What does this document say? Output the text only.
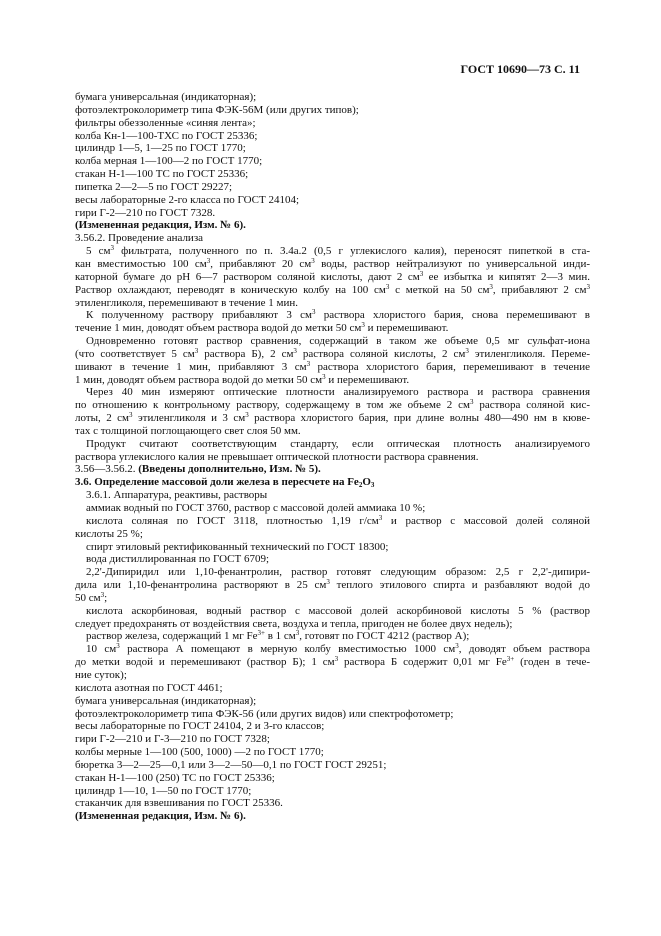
ГОСТ 10690—73 С. 11
бумага универсальная (индикаторная);
фотоэлектроколориметр типа ФЭК-56М (или других типов);
фильтры обеззоленные «синяя лента»;
колба Кн-1—100-ТХС по ГОСТ 25336;
цилиндр 1—5, 1—25 по ГОСТ 1770;
колба мерная 1—100—2 по ГОСТ 1770;
стакан Н-1—100 ТС по ГОСТ 25336;
пипетка 2—2—5 по ГОСТ 29227;
весы лабораторные 2-го класса по ГОСТ 24104;
гири Г-2—210 по ГОСТ 7328.
(Измененная редакция, Изм. № 6).
3.56.2. Проведение анализа
5 $см^3$ фильтрата, полученного по п. 3.4а.2 (0,5 г углекислого калия), переносят пипеткой в ста-
кан вместимостью 100 $см^3$, прибавляют 20 $см^3$ воды, раствор нейтрализуют по универсальной инди-
каторной бумаге до pH 6—7 раствором соляной кислоты, дают 2 $см^3$ ее избытка и кипятят 2—3 мин.
Раствор охлаждают, переводят в коническую колбу на 100 $см^3$ с меткой на 50 $см^3$, прибавляют 2 $см^3$
этиленгликоля, перемешивают в течение 1 мин.
К полученному раствору прибавляют 3 $см^3$ раствора хлористого бария, снова перемешивают в
течение 1 мин, доводят объем раствора водой до метки 50 $см^3$ и перемешивают.
Одновременно готовят раствор сравнения, содержащий в таком же объеме 0,5 мг сульфат-иона
(что соответствует 5 $см^3$ раствора Б), 2 $см^3$ раствора соляной кислоты, 2 $см^3$ этиленгликоля. Переме-
шивают в течение 1 мин, прибавляют 3 $см^3$ раствора хлористого бария, перемешивают в течение
1 мин, доводят объем раствора водой до метки 50 $см^3$ и перемешивают.
Через 40 мин измеряют оптические плотности анализируемого раствора и раствора сравнения
по отношению к контрольному раствору, содержащему в том же объеме 2 $см^3$ раствора соляной кис-
лоты, 2 $см^3$ этиленгликоля и 3 $см^3$ раствора хлористого бария, при длине волны 480—490 нм в кюве-
тах с толщиной поглощающего свет слоя 50 мм.
Продукт считают соответствующим стандарту, если оптическая плотность анализируемого
раствора углекислого калия не превышает оптической плотности раствора сравнения.
3.56—3.56.2. (Введены дополнительно, Изм. № 5).
3.6. Определение массовой доли железа в пересчете на $Fe_2O_3$
3.6.1. Аппаратура, реактивы, растворы
аммиак водный по ГОСТ 3760, раствор с массовой долей аммиака 10 %;
кислота соляная по ГОСТ 3118, плотностью 1,19 $г/см^3$ и раствор с массовой долей соляной
кислоты 25 %;
спирт этиловый ректификованный технический по ГОСТ 18300;
вода дистиллированная по ГОСТ 6709;
2,2'-Дипиридил или 1,10-фенантролин, раствор готовят следующим образом: 2,5 г 2,2'-дипири-
дила или 1,10-фенантролина растворяют в 25 $см^3$ теплого этилового спирта и разбавляют водой до
50 $см^3$;
кислота аскорбиновая, водный раствор с массовой долей аскорбиновой кислоты 5 % (раствор
следует предохранять от воздействия света, воздуха и тепла, пригоден не более двух недель);
раствор железа, содержащий 1 мг $Fe^{3+}$ в 1 $см^3$, готовят по ГОСТ 4212 (раствор А);
10 $см^3$ раствора А помещают в мерную колбу вместимостью 1000 $см^3$, доводят объем раствора
до метки водой и перемешивают (раствор Б); 1 $см^3$ раствора Б содержит 0,01 мг $Fe^{3+}$ (годен в тече-
ние суток);
кислота азотная по ГОСТ 4461;
бумага универсальная (индикаторная);
фотоэлектроколориметр типа ФЭК-56 (или других видов) или спектрофотометр;
весы лабораторные по ГОСТ 24104, 2 и 3-го классов;
гири Г-2—210 и Г-3—210 по ГОСТ 7328;
колбы мерные 1—100 (500, 1000) —2 по ГОСТ 1770;
бюретка 3—2—25—0,1 или 3—2—50—0,1 по ГОСТ ГОСТ 29251;
стакан Н-1—100 (250) ТС по ГОСТ 25336;
цилиндр 1—10, 1—50 по ГОСТ 1770;
стаканчик для взвешивания по ГОСТ 25336.
(Измененная редакция, Изм. № 6).
